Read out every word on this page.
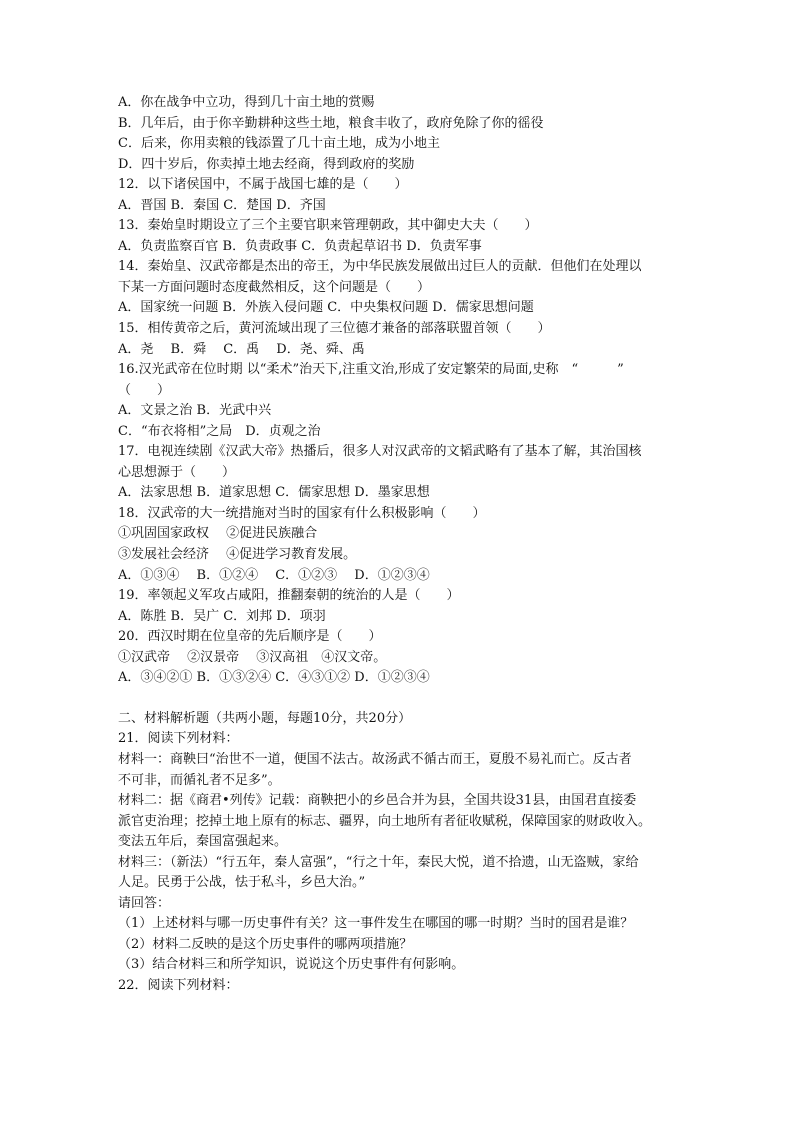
A．你在战争中立功，得到几十亩土地的赏赐
B．几年后，由于你辛勤耕种这些土地，粮食丰收了，政府免除了你的徭役
C．后来，你用卖粮的钱添置了几十亩土地，成为小地主
D．四十岁后，你卖掉土地去经商，得到政府的奖励
12．以下诸侯国中，不属于战国七雄的是（　　）
A．晋国 B．秦国 C．楚国 D．齐国
13．秦始皇时期设立了三个主要官职来管理朝政，其中御史大夫（　　）
A．负责监察百官 B．负责政事 C．负责起草诏书 D．负责军事
14．秦始皇、汉武帝都是杰出的帝王，为中华民族发展做出过巨人的贡献．但他们在处理以
下某一方面问题时态度截然相反，这个问题是（　　）
A．国家统一问题 B．外族入侵问题 C．中央集权问题 D．儒家思想问题
15．相传黄帝之后，黄河流域出现了三位德才兼备的部落联盟首领（　　）
A．尧　 B．舜　 C．禹　 D．尧、舜、禹
16.汉光武帝在位时期 以“柔术”治天下,注重文治,形成了安定繁荣的局面,史称　“　　　”
（　　）
A．文景之治 B．光武中兴
C．“布衣将相”之局　D．贞观之治
17．电视连续剧《汉武大帝》热播后，很多人对汉武帝的文韬武略有了基本了解，其治国核
心思想源于（　　）
A．法家思想 B．道家思想 C．儒家思想 D．墨家思想
18．汉武帝的大一统措施对当时的国家有什么积极影响（　　）
①巩固国家政权　 ②促进民族融合
③发展社会经济　 ④促进学习教育发展。
A．①③④　 B．①②④　 C．①②③　 D．①②③④
19．率领起义军攻占咸阳，推翻秦朝的统治的人是（　　）
A．陈胜 B．吴广 C．刘邦 D．项羽
20．西汉时期在位皇帝的先后顺序是（　　）
①汉武帝　 ②汉景帝　 ③汉高祖　④汉文帝。
A．③④②① B．①③②④ C．④③①② D．①②③④
二、材料解析题（共两小题，每题10分，共20分）
21．阅读下列材料：
材料一：商鞅曰“治世不一道，便国不法古。故汤武不循古而王，夏殷不易礼而亡。反古者
不可非，而循礼者不足多”。
材料二：据《商君•列传》记载：商鞅把小的乡邑合并为县，全国共设31县，由国君直接委
派官吏治理；挖掉土地上原有的标志、疆界，向土地所有者征收赋税，保障国家的财政收入。
变法五年后，秦国富强起来。
材料三：（新法）“行五年，秦人富强”，“行之十年，秦民大悦，道不拾遗，山无盗贼，家给
人足。民勇于公战，怯于私斗，乡邑大治。”
请回答：
（1）上述材料与哪一历史事件有关？这一事件发生在哪国的哪一时期？当时的国君是谁？
（2）材料二反映的是这个历史事件的哪两项措施？
（3）结合材料三和所学知识，说说这个历史事件有何影响。
22．阅读下列材料：
